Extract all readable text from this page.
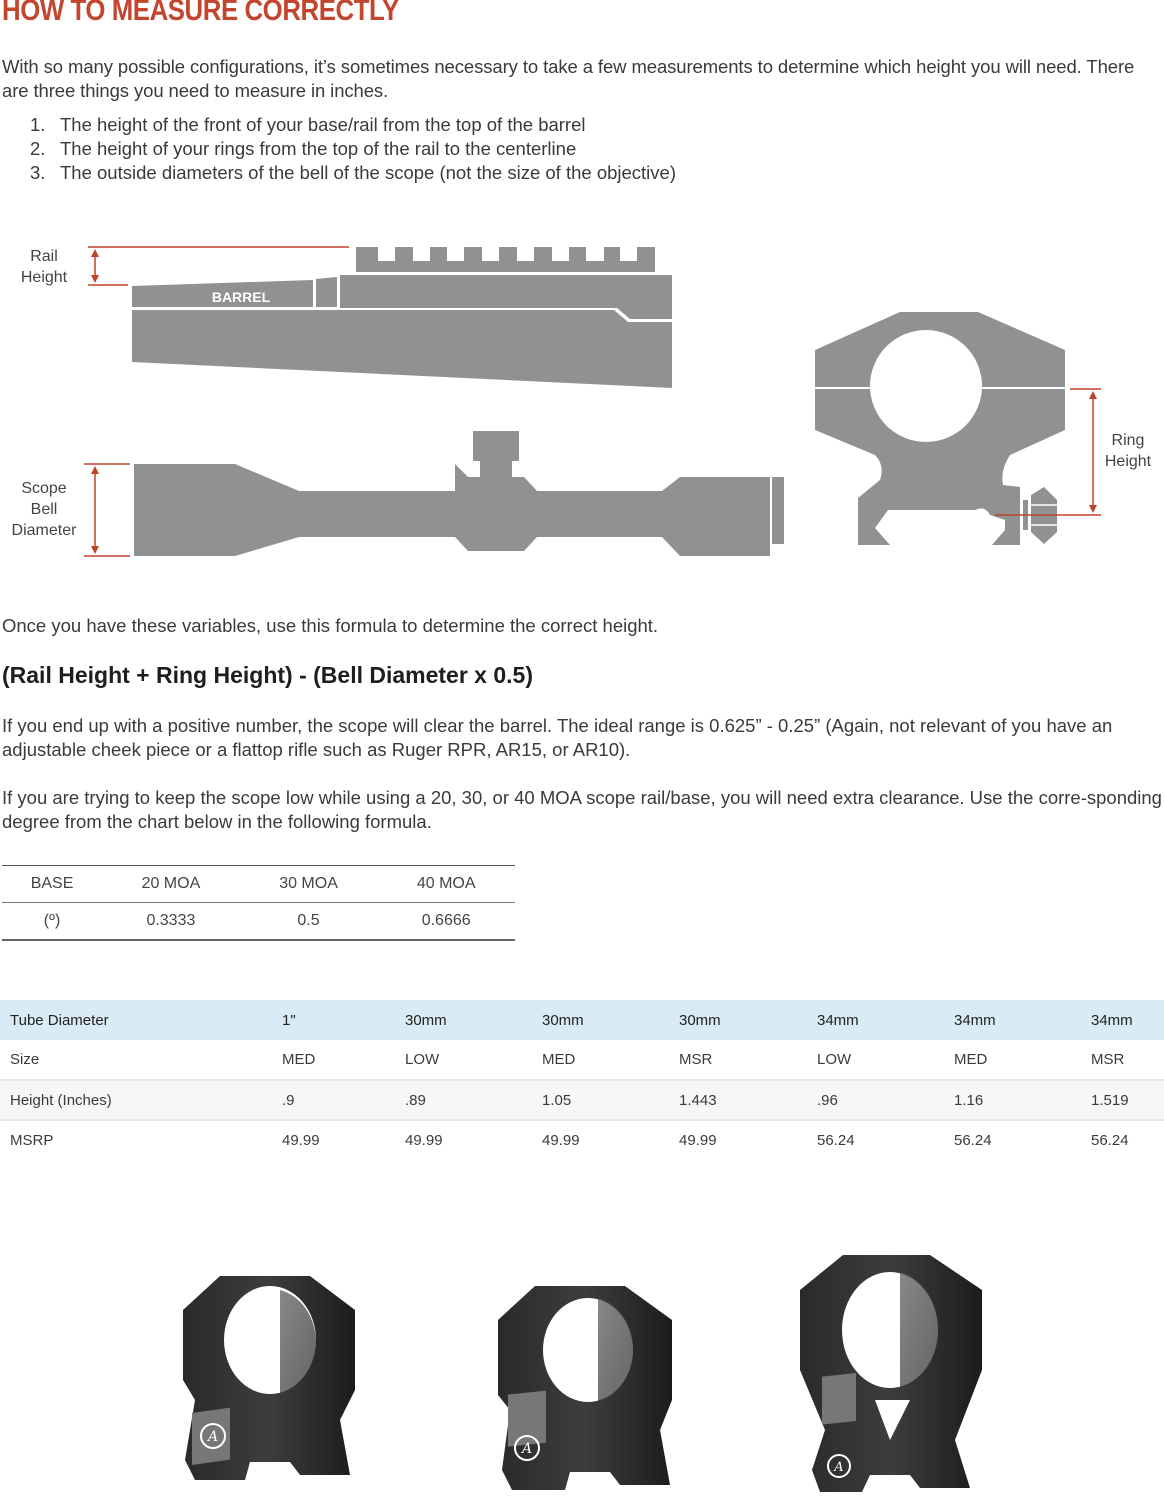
HOW TO MEASURE CORRECTLY

With so many possible configurations, it’s sometimes necessary to take a few measurements to determine which height you will need. There are three things you need to measure in inches.

1. The height of the front of your base/rail from the top of the barrel
2. The height of your rings from the top of the rail to the centerline
3. The outside diameters of the bell of the scope (not the size of the objective)
Rail
Height
Scope
Bell
Diameter
Ring
Height
BARREL

Once you have these variables, use this formula to determine the correct height.

(Rail Height + Ring Height) - (Bell Diameter x 0.5)

If you end up with a positive number, the scope will clear the barrel. The ideal range is 0.625” - 0.25” (Again, not relevant of you have an adjustable cheek piece or a flattop rifle such as Ruger RPR, AR15, or AR10).

If you are trying to keep the scope low while using a 20, 30, or 40 MOA scope rail/base, you will need extra clearance. Use the corre-sponding degree from the chart below in the following formula.

BASE	20 MOA	30 MOA	40 MOA
(º)	0.3333	0.5	0.6666
Tube Diameter	1"	30mm	30mm	30mm	34mm	34mm	34mm
Size	MED	LOW	MED	MSR	LOW	MED	MSR
Height (Inches)	.9	.89	1.05	1.443	.96	1.16	1.519
MSRP	49.99	49.99	49.99	49.99	56.24	56.24	56.24
A
A
A
